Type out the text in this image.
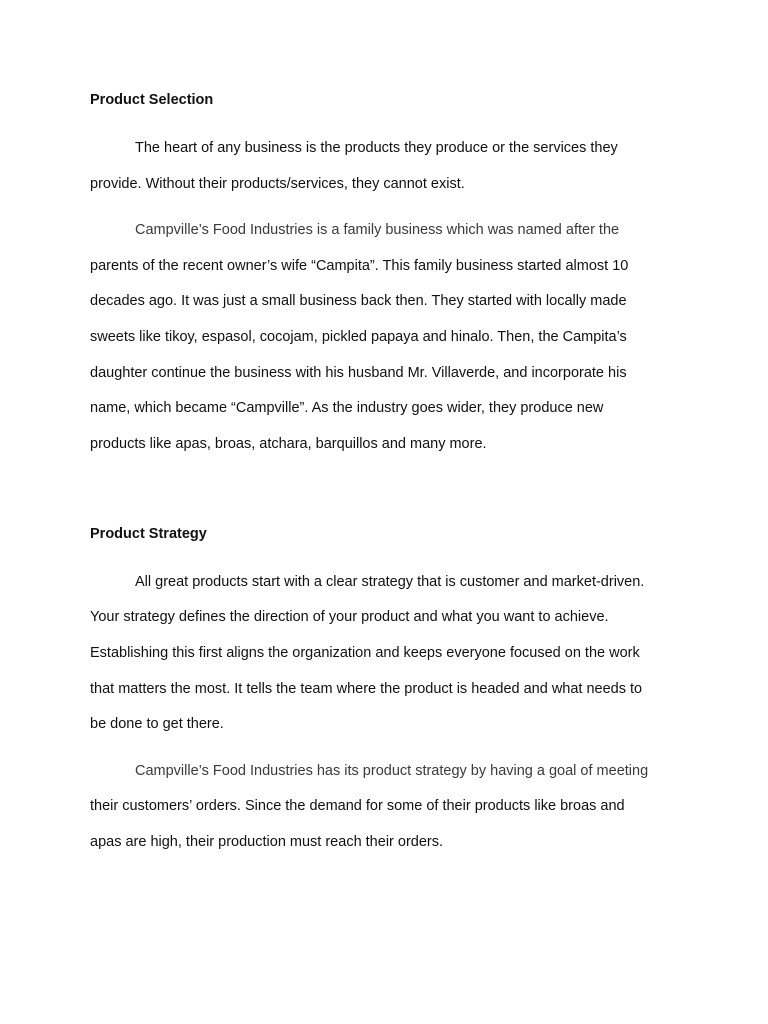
Product Selection

The heart of any business is the products they produce or the services they

provide. Without their products/services, they cannot exist.

Campville’s Food Industries is a family business which was named after the

parents of the recent owner’s wife “Campita”. This family business started almost 10

decades ago. It was just a small business back then. They started with locally made

sweets like tikoy, espasol, cocojam, pickled papaya and hinalo. Then, the Campita’s

daughter continue the business with his husband Mr. Villaverde, and incorporate his

name, which became “Campville”. As the industry goes wider, they produce new

products like apas, broas, atchara, barquillos and many more.

Product Strategy

All great products start with a clear strategy that is customer and market-driven.

Your strategy defines the direction of your product and what you want to achieve.

Establishing this first aligns the organization and keeps everyone focused on the work

that matters the most. It tells the team where the product is headed and what needs to

be done to get there.

Campville’s Food Industries has its product strategy by having a goal of meeting

their customers’ orders. Since the demand for some of their products like broas and

apas are high, their production must reach their orders.
